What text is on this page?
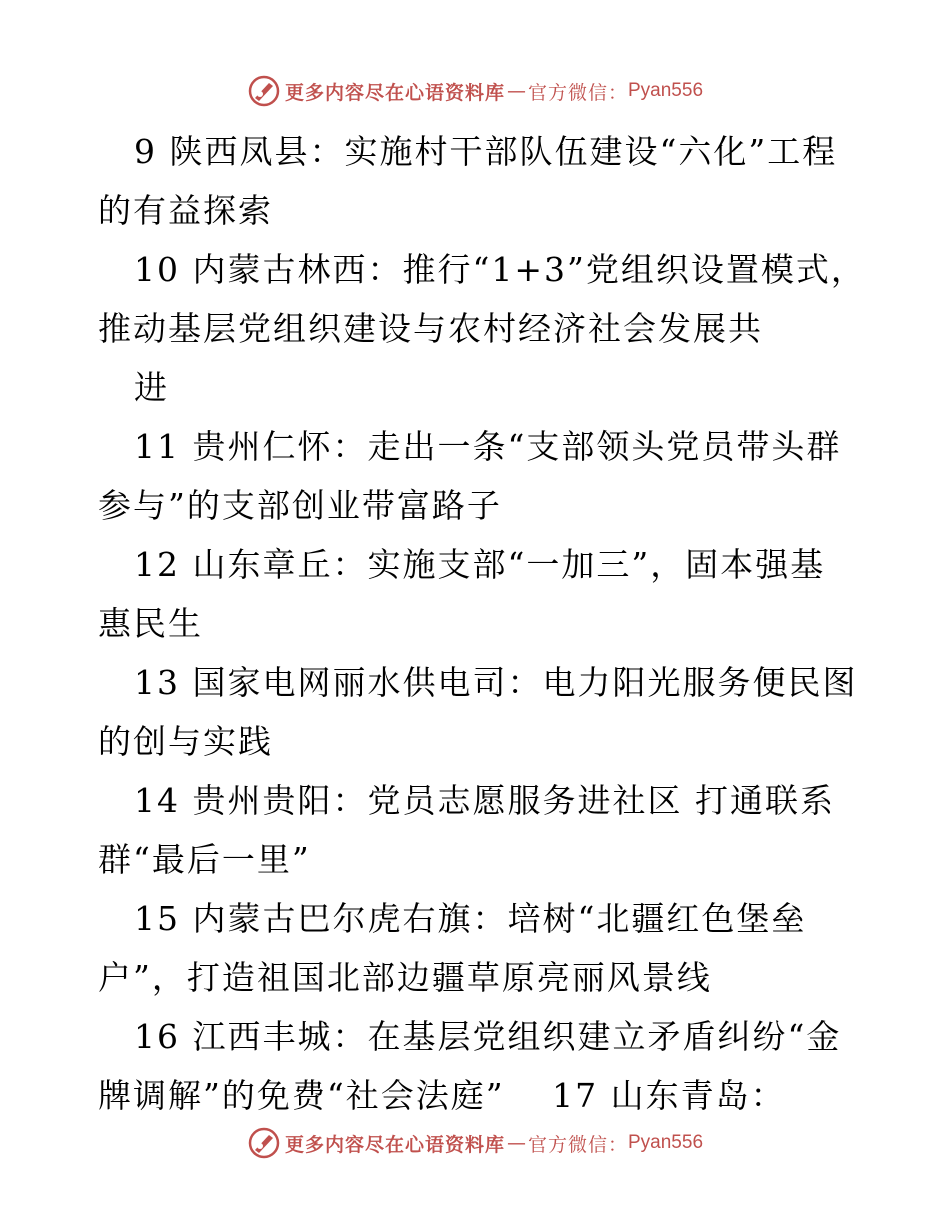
更多内容尽在心语资料库 — 官方微信： Pyan556
9 陕西凤县：实施村干部队伍建设“六化”工程
的有益探索
10 内蒙古林西：推行“1+3”党组织设置模式，
推动基层党组织建设与农村经济社会发展共
进
11 贵州仁怀：走出一条“支部领头党员带头群
参与”的支部创业带富路子
12 山东章丘：实施支部“一加三”，固本强基
惠民生
13 国家电网丽水供电司：电力阳光服务便民图
的创与实践
14 贵州贵阳：党员志愿服务进社区 打通联系
群“最后一里”
15 内蒙古巴尔虎右旗：培树“北疆红色堡垒
户”，打造祖国北部边疆草原亮丽风景线
16 江西丰城：在基层党组织建立矛盾纠纷“金
牌调解”的免费“社会法庭”　 17 山东青岛：
更多内容尽在心语资料库 — 官方微信： Pyan556
